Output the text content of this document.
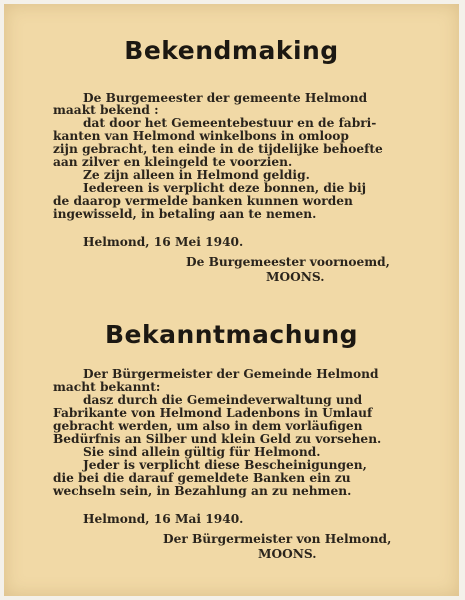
Bekendmaking
De Burgemeester der gemeente Helmond
maakt bekend :
dat door het Gemeentebestuur en de fabri-
kanten van Helmond winkelbons in omloop
zijn gebracht, ten einde in de tijdelijke behoefte
aan zilver en kleingeld te voorzien.
Ze zijn alleen in Helmond geldig.
Iedereen is verplicht deze bonnen, die bij
de daarop vermelde banken kunnen worden
ingewisseld, in betaling aan te nemen.
Helmond, 16 Mei 1940.
De Burgemeester voornoemd,
MOONS.
Bekanntmachung
Der Bürgermeister der Gemeinde Helmond
macht bekannt:
dasz durch die Gemeindeverwaltung und
Fabrikante von Helmond Ladenbons in Umlauf
gebracht werden, um also in dem vorläufigen
Bedürfnis an Silber und klein Geld zu vorsehen.
Sie sind allein gültig für Helmond.
Jeder is verplicht diese Bescheinigungen,
die bei die darauf gemeldete Banken ein zu
wechseln sein, in Bezahlung an zu nehmen.
Helmond, 16 Mai 1940.
Der Bürgermeister von Helmond,
MOONS.
